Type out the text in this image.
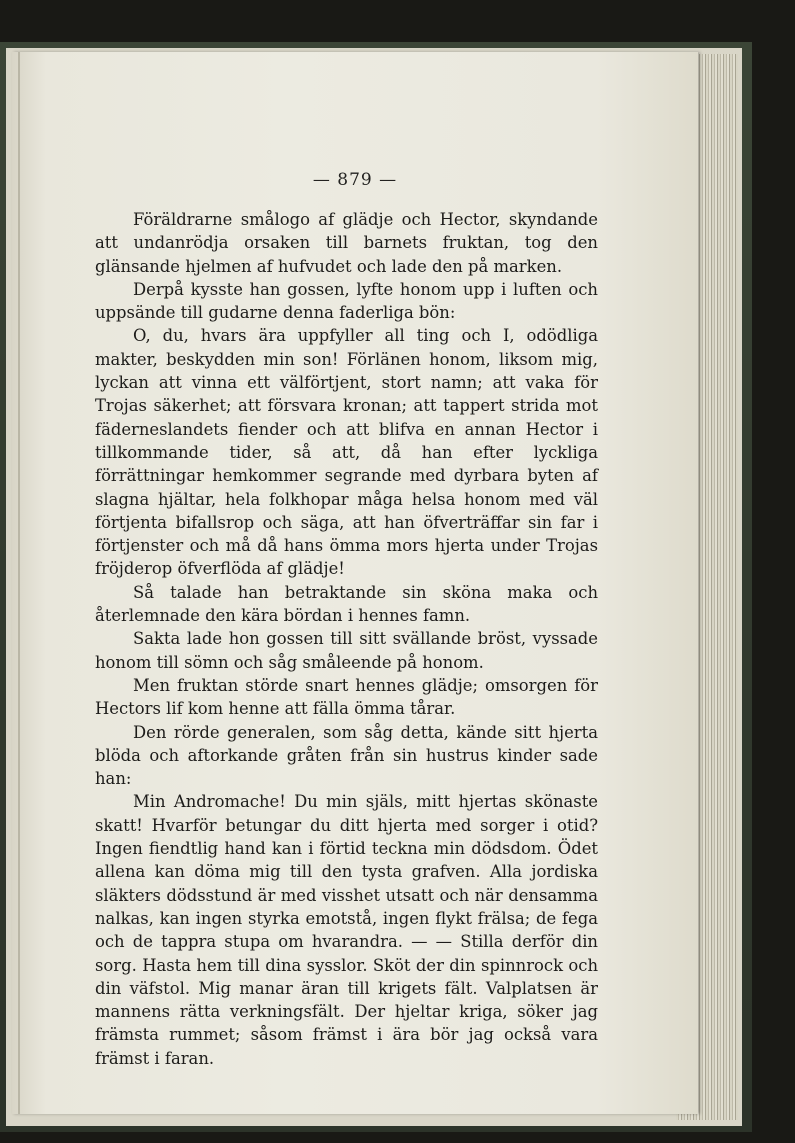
— 879 —

Föräldrarne smålogo af glädje och Hector, skyndande att undanrödja orsaken till barnets fruktan, tog den glänsande hjelmen af hufvudet och lade den på marken.

Derpå kysste han gossen, lyfte honom upp i luften och uppsände till gudarne denna faderliga bön:

O, du, hvars ära uppfyller all ting och I, odödliga makter, beskydden min son! Förlänen honom, liksom mig, lyckan att vinna ett välförtjent, stort namn; att vaka för Trojas säkerhet; att försvara kronan; att tappert strida mot fäderneslandets fiender och att blifva en annan Hector i tillkommande tider, så att, då han efter lyckliga förrättningar hemkommer segrande med dyrbara byten af slagna hjältar, hela folkhopar måga helsa honom med väl förtjenta bifallsrop och säga, att han öfverträffar sin far i förtjenster och må då hans ömma mors hjerta under Trojas fröjderop öfverflöda af glädje!

Så talade han betraktande sin sköna maka och återlemnade den kära bördan i hennes famn.

Sakta lade hon gossen till sitt svällande bröst, vyssade honom till sömn och såg småleende på honom.

Men fruktan störde snart hennes glädje; omsorgen för Hectors lif kom henne att fälla ömma tårar.

Den rörde generalen, som såg detta, kände sitt hjerta blöda och aftorkande gråten från sin hustrus kinder sade han:

Min Andromache! Du min själs, mitt hjertas skönaste skatt! Hvarför betungar du ditt hjerta med sorger i otid? Ingen fiendtlig hand kan i förtid teckna min dödsdom. Ödet allena kan döma mig till den tysta grafven. Alla jordiska släkters dödsstund är med visshet utsatt och när densamma nalkas, kan ingen styrka emotstå, ingen flykt frälsa; de fega och de tappra stupa om hvarandra. — — Stilla derför din sorg. Hasta hem till dina sysslor. Sköt der din spinnrock och din väfstol. Mig manar äran till krigets fält. Valplatsen är mannens rätta verkningsfält. Der hjeltar kriga, söker jag främsta rummet; såsom främst i ära bör jag också vara främst i faran.
